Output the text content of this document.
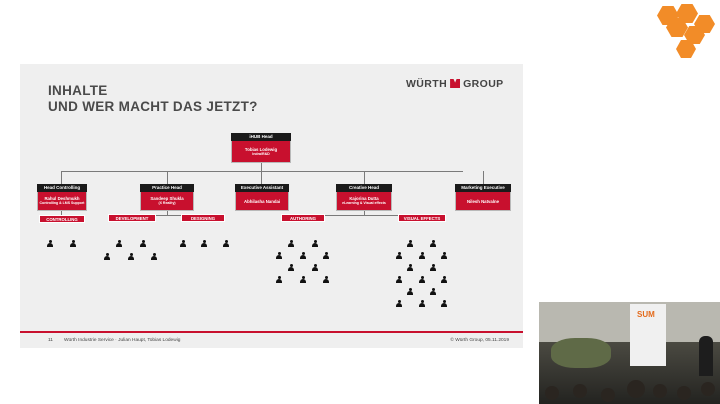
INHALTE
UND WER MACHT DAS JETZT?
WÜRTH GROUP
iHUB Head
Tobias Lodewig
Indra/R&D
Head Controlling
Rahul Deshmukh
Controlling & LMS Support
Practice Head
Sandeep Shukla
(X Reality)
Executive Assistant
Abhilasha Nandai
Creative Head
Kajorina Dutta
eLearning & Visual effects
Marketing Executive
Nilesh Natvalne
CONTROLLING	DEVELOPMENT	DESIGNING	AUTHORING	VISUAL EFFECTS
11 Würth Industrie Service · Julian Haupt, Tobias Lodewig	© Würth Group, 05.11.2019
SUM
